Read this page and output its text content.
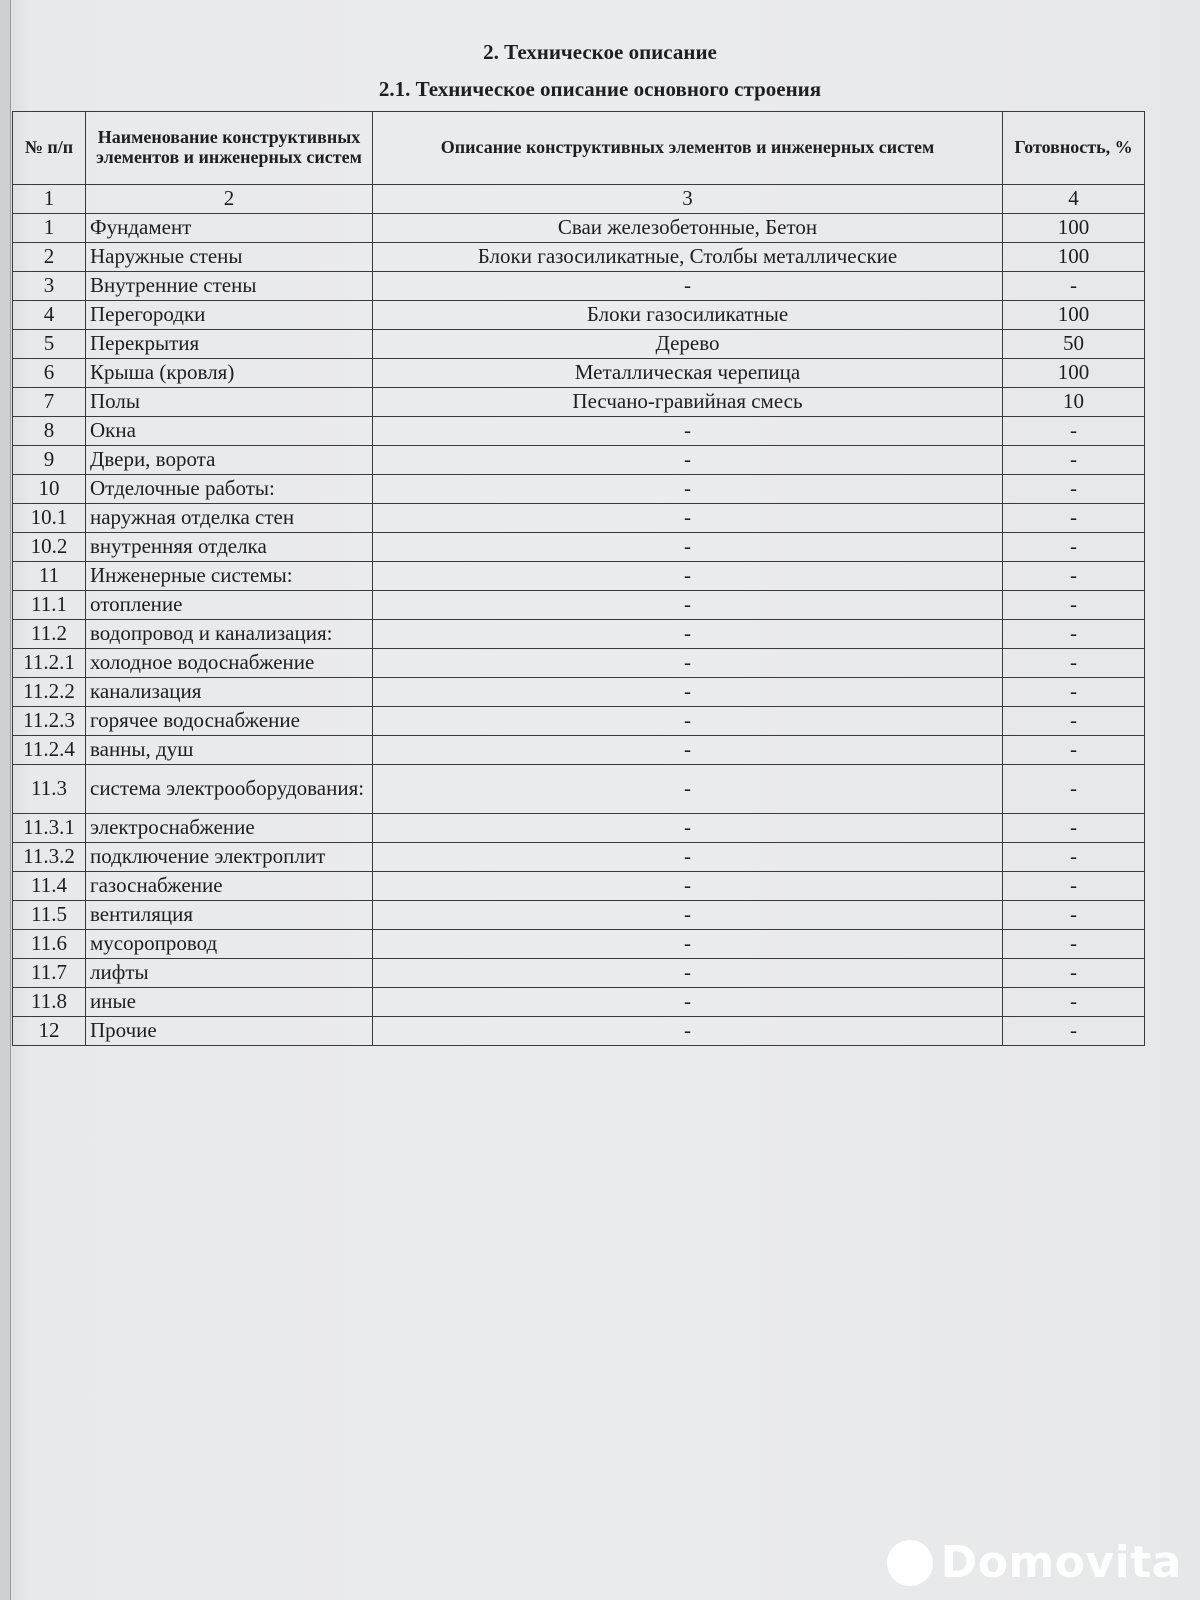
2. Техническое описание
2.1. Техническое описание основного строения
№ п/п	Наименование конструктивных элементов и инженерных систем	Описание конструктивных элементов и инженерных систем	Готовность, %
1	2	3	4
1	Фундамент	Сваи железобетонные, Бетон	100
2	Наружные стены	Блоки газосиликатные, Столбы металлические	100
3	Внутренние стены	-	-
4	Перегородки	Блоки газосиликатные	100
5	Перекрытия	Дерево	50
6	Крыша (кровля)	Металлическая черепица	100
7	Полы	Песчано-гравийная смесь	10
8	Окна	-	-
9	Двери, ворота	-	-
10	Отделочные работы:	-	-
10.1	наружная отделка стен	-	-
10.2	внутренняя отделка	-	-
11	Инженерные системы:	-	-
11.1	отопление	-	-
11.2	водопровод и канализация:	-	-
11.2.1	холодное водоснабжение	-	-
11.2.2	канализация	-	-
11.2.3	горячее водоснабжение	-	-
11.2.4	ванны, душ	-	-
11.3	система электрооборудования:	-	-
11.3.1	электроснабжение	-	-
11.3.2	подключение электроплит	-	-
11.4	газоснабжение	-	-
11.5	вентиляция	-	-
11.6	мусоропровод	-	-
11.7	лифты	-	-
11.8	иные	-	-
12	Прочие	-	-
Domovita
